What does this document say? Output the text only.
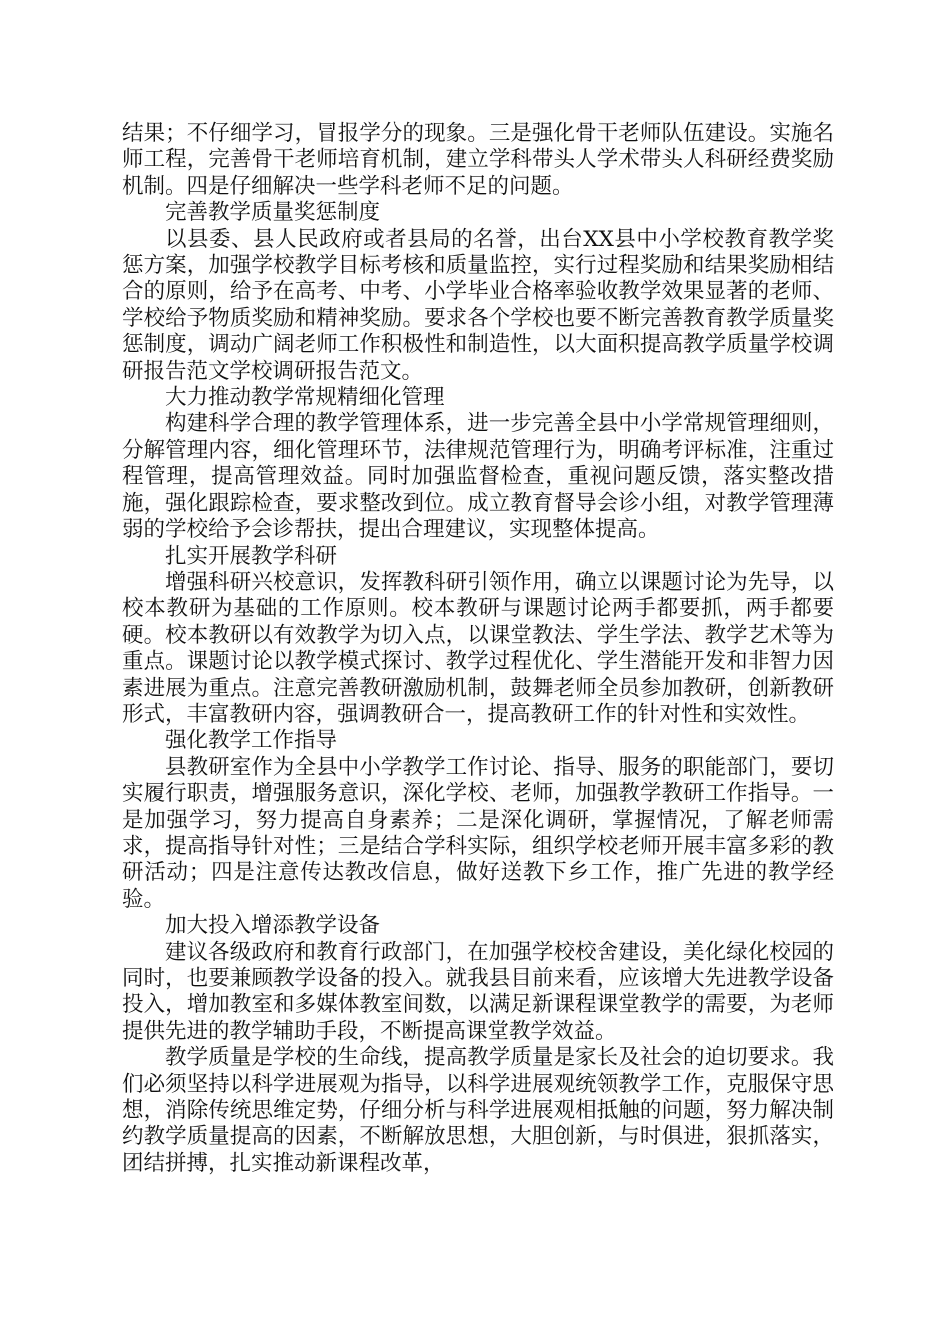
结果；不仔细学习，冒报学分的现象。三是强化骨干老师队伍建设。实施名师工程，完善骨干老师培育机制，建立学科带头人学术带头人科研经费奖励机制。四是仔细解决一些学科老师不足的问题。

完善教学质量奖惩制度

以县委、县人民政府或者县局的名誉，出台XX县中小学校教育教学奖惩方案，加强学校教学目标考核和质量监控，实行过程奖励和结果奖励相结合的原则，给予在高考、中考、小学毕业合格率验收教学效果显著的老师、学校给予物质奖励和精神奖励。要求各个学校也要不断完善教育教学质量奖惩制度，调动广阔老师工作积极性和制造性，以大面积提高教学质量学校调研报告范文学校调研报告范文。

大力推动教学常规精细化管理

构建科学合理的教学管理体系，进一步完善全县中小学常规管理细则，分解管理内容，细化管理环节，法律规范管理行为，明确考评标准，注重过程管理，提高管理效益。同时加强监督检查，重视问题反馈，落实整改措施，强化跟踪检查，要求整改到位。成立教育督导会诊小组，对教学管理薄弱的学校给予会诊帮扶，提出合理建议，实现整体提高。

扎实开展教学科研

增强科研兴校意识，发挥教科研引领作用，确立以课题讨论为先导，以校本教研为基础的工作原则。校本教研与课题讨论两手都要抓，两手都要硬。校本教研以有效教学为切入点，以课堂教法、学生学法、教学艺术等为重点。课题讨论以教学模式探讨、教学过程优化、学生潜能开发和非智力因素进展为重点。注意完善教研激励机制，鼓舞老师全员参加教研，创新教研形式，丰富教研内容，强调教研合一，提高教研工作的针对性和实效性。

强化教学工作指导

县教研室作为全县中小学教学工作讨论、指导、服务的职能部门，要切实履行职责，增强服务意识，深化学校、老师，加强教学教研工作指导。一是加强学习，努力提高自身素养；二是深化调研，掌握情况，了解老师需求，提高指导针对性；三是结合学科实际，组织学校老师开展丰富多彩的教研活动；四是注意传达教改信息，做好送教下乡工作，推广先进的教学经验。

加大投入增添教学设备

建议各级政府和教育行政部门，在加强学校校舍建设，美化绿化校园的同时，也要兼顾教学设备的投入。就我县目前来看，应该增大先进教学设备投入，增加教室和多媒体教室间数，以满足新课程课堂教学的需要，为老师提供先进的教学辅助手段，不断提高课堂教学效益。

教学质量是学校的生命线，提高教学质量是家长及社会的迫切要求。我们必须坚持以科学进展观为指导，以科学进展观统领教学工作，克服保守思想，消除传统思维定势，仔细分析与科学进展观相抵触的问题，努力解决制约教学质量提高的因素，不断解放思想，大胆创新，与时俱进，狠抓落实，团结拼搏，扎实推动新课程改革，
